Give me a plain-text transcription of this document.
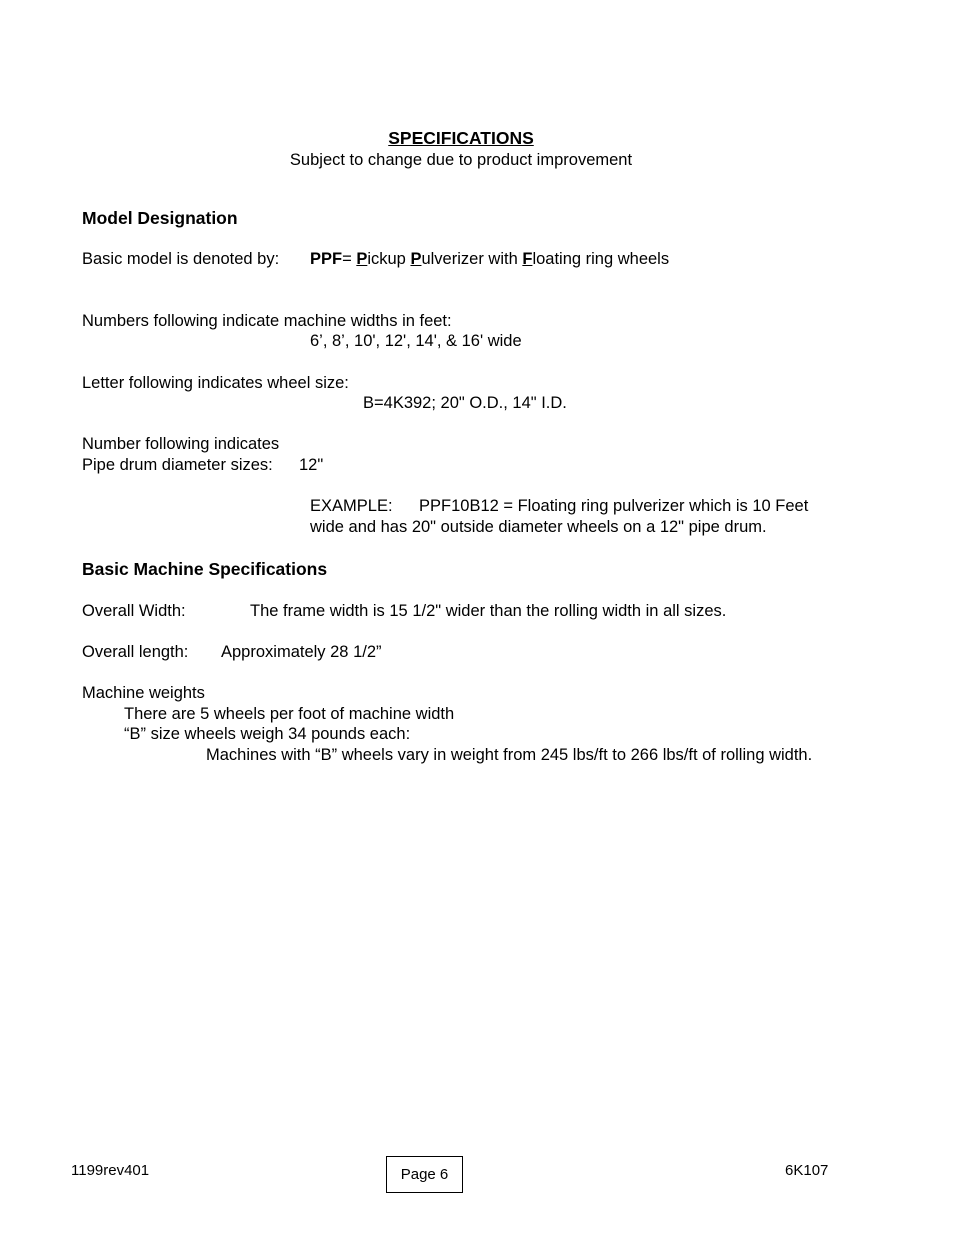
SPECIFICATIONS
Subject to change due to product improvement
Model Designation
Basic model is denoted by: PPF= Pickup Pulverizer with Floating ring wheels
Numbers following indicate machine widths in feet:
6’, 8’, 10', 12', 14', & 16' wide
Letter following indicates wheel size:
B=4K392; 20" O.D., 14" I.D.
Number following indicates
Pipe drum diameter sizes: 12"
EXAMPLE: PPF10B12 = Floating ring pulverizer which is 10 Feet
wide and has 20" outside diameter wheels on a 12" pipe drum.
Basic Machine Specifications
Overall Width:	The frame width is 15 1/2" wider than the rolling width in all sizes.
Overall length: Approximately 28 1/2”
Machine weights
There are 5 wheels per foot of machine width
“B” size wheels weigh 34 pounds each:
Machines with “B” wheels vary in weight from 245 lbs/ft to 266 lbs/ft of rolling width.
1199rev401	Page 6	6K107
